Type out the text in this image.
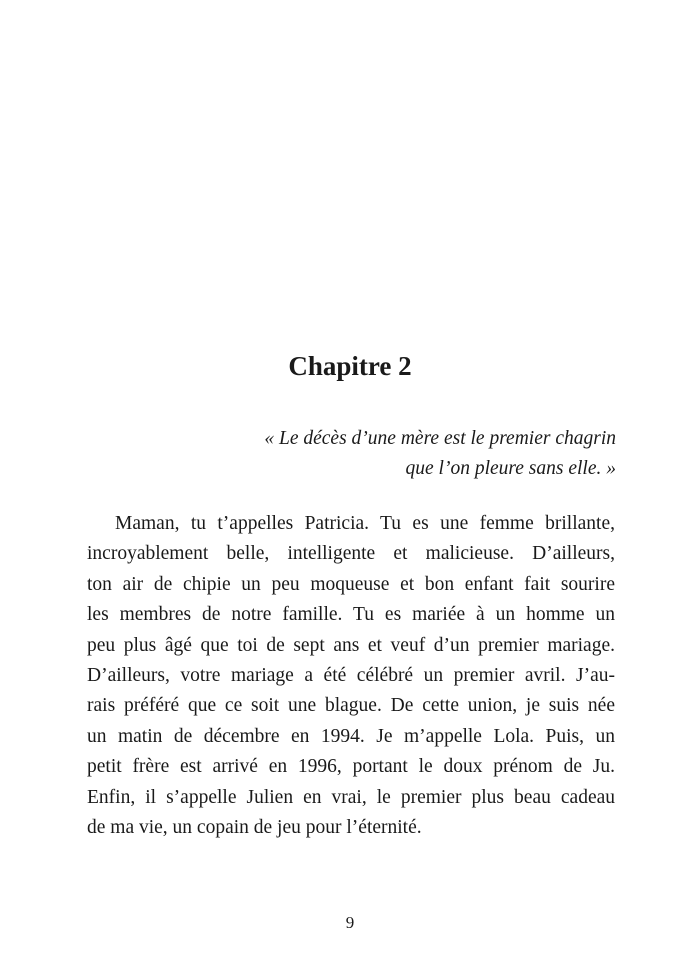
Chapitre 2
« Le décès d’une mère est le premier chagrin
que l’on pleure sans elle. »
Maman, tu t’appelles Patricia. Tu es une femme brillante,
incroyablement belle, intelligente et malicieuse. D’ailleurs,
ton air de chipie un peu moqueuse et bon enfant fait sourire
les membres de notre famille. Tu es mariée à un homme un
peu plus âgé que toi de sept ans et veuf d’un premier mariage.
D’ailleurs, votre mariage a été célébré un premier avril. J’au-
rais préféré que ce soit une blague. De cette union, je suis née
un matin de décembre en 1994. Je m’appelle Lola. Puis, un
petit frère est arrivé en 1996, portant le doux prénom de Ju.
Enfin, il s’appelle Julien en vrai, le premier plus beau cadeau
de ma vie, un copain de jeu pour l’éternité.
9
